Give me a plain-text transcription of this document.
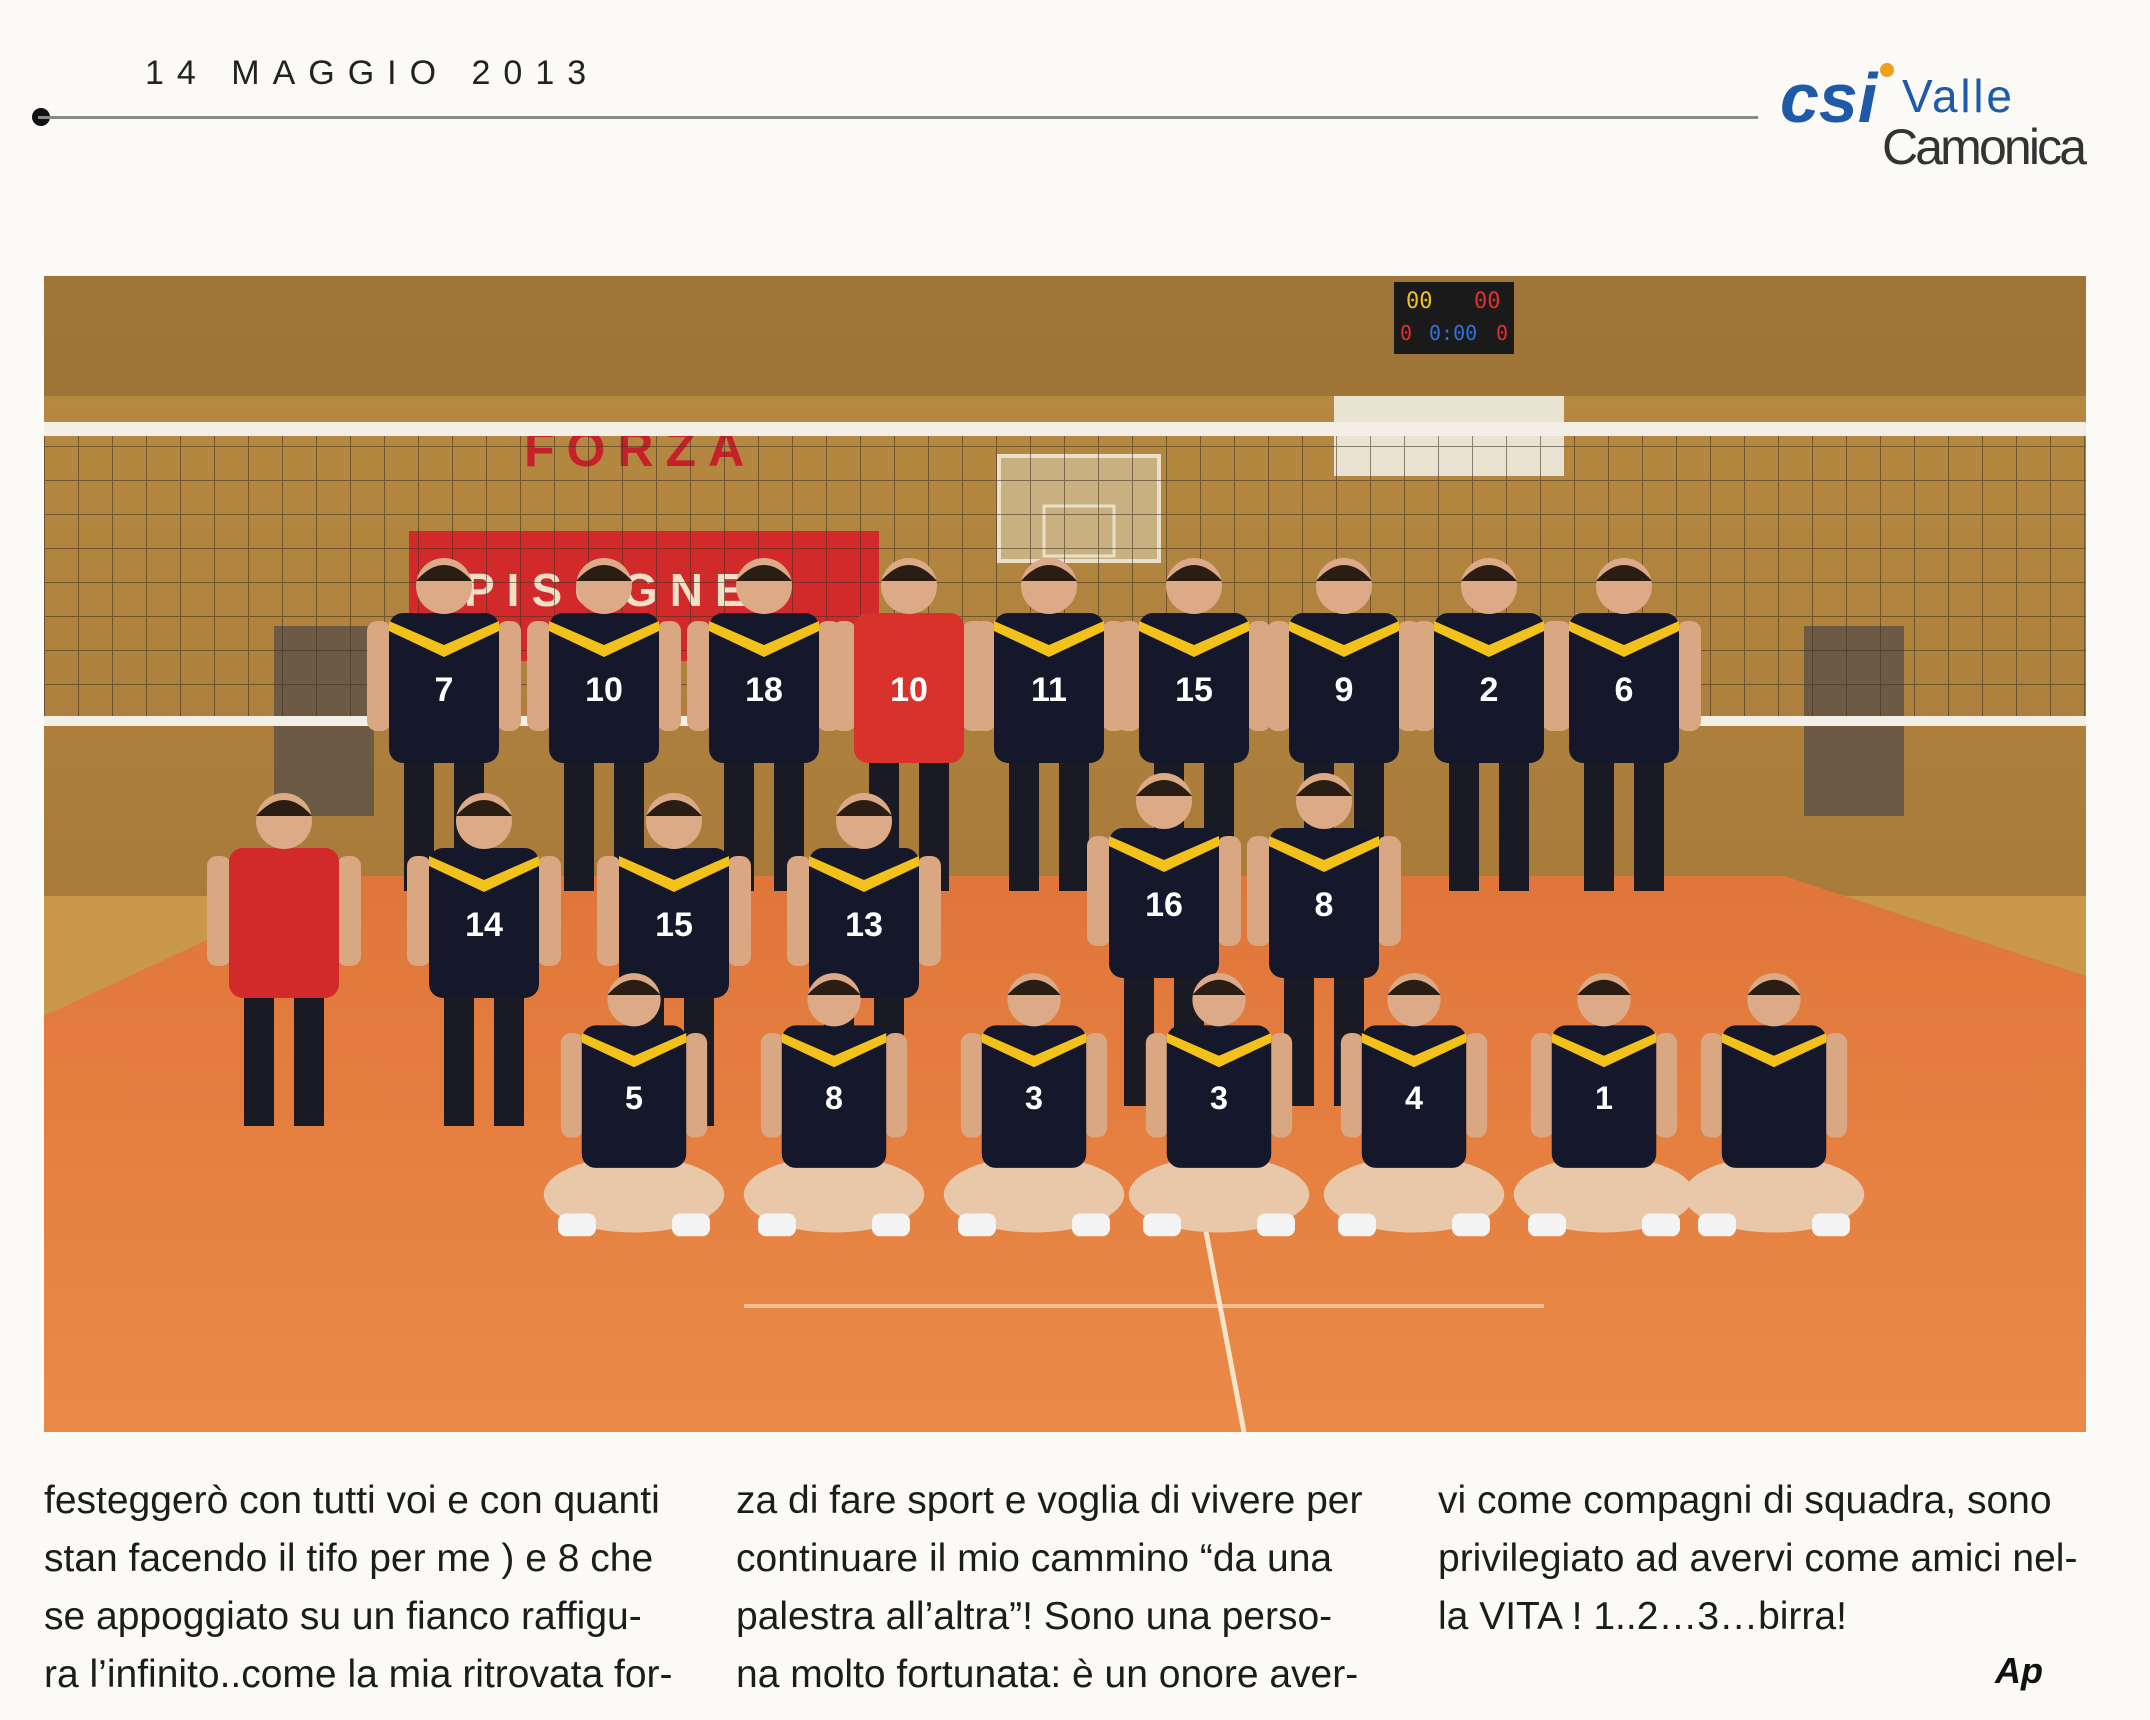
14 MAGGIO 2013	csi Valle
Camonica
00 00
0 0:00 0
7	10	18	10	11	15	9	2	6
14	15	13
16	8
5	8	3	3	4	1

festeggerò con tutti voi e con quanti

stan facendo il tifo per me ) e 8 che

se appoggiato su un fianco raffigu-

ra l’infinito..come la mia ritrovata for-

za di fare sport e voglia di vivere per

continuare il mio cammino “da una

palestra all’altra”! Sono una perso-

na molto fortunata: è un onore aver-

vi come compagni di squadra, sono

privilegiato ad avervi come amici nel-

la VITA ! 1..2…3…birra!

Ap
